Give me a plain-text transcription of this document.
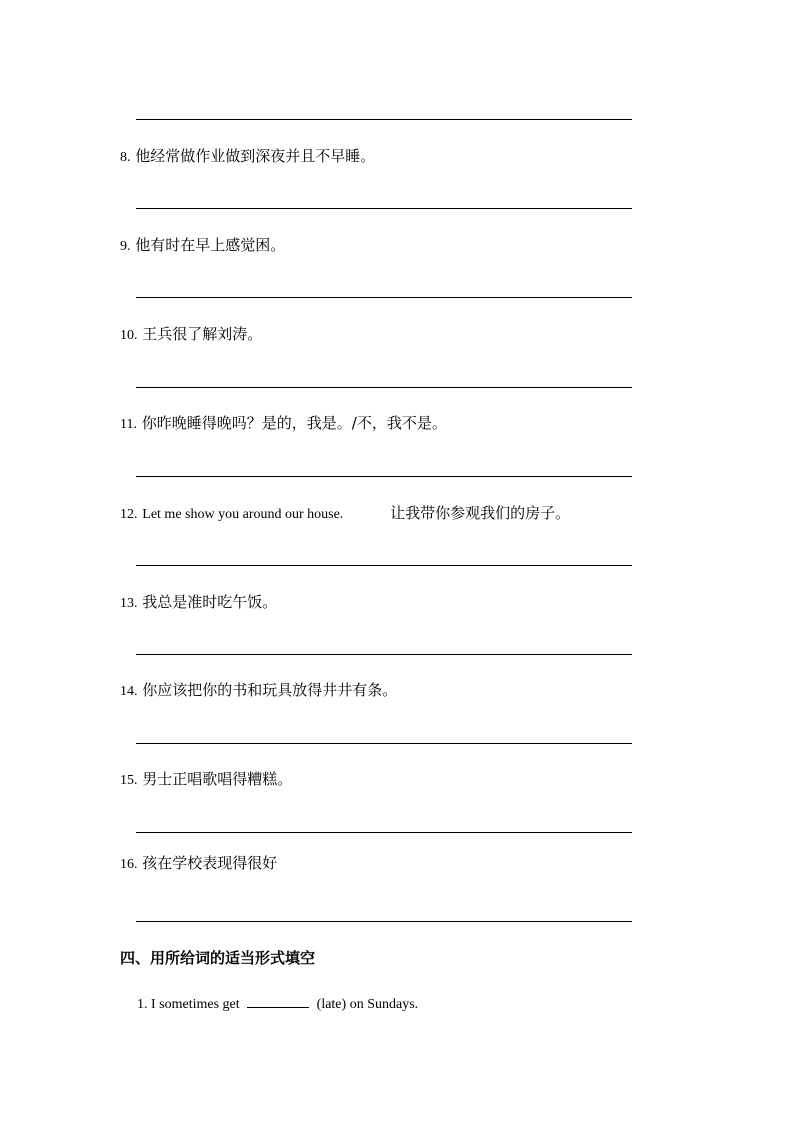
8. 他经常做作业做到深夜并且不早睡。
9. 他有时在早上感觉困。
10. 王兵很了解刘涛。
11. 你昨晚睡得晚吗？是的，我是。/不，我不是。
12. Let me show you around our house.	让我带你参观我们的房子。
13. 我总是准时吃午饭。
14. 你应该把你的书和玩具放得井井有条。
15. 男士正唱歌唱得糟糕。
16. 孩在学校表现得很好
四、用所给词的适当形式填空
1. I sometimes get	(late) on Sundays.
